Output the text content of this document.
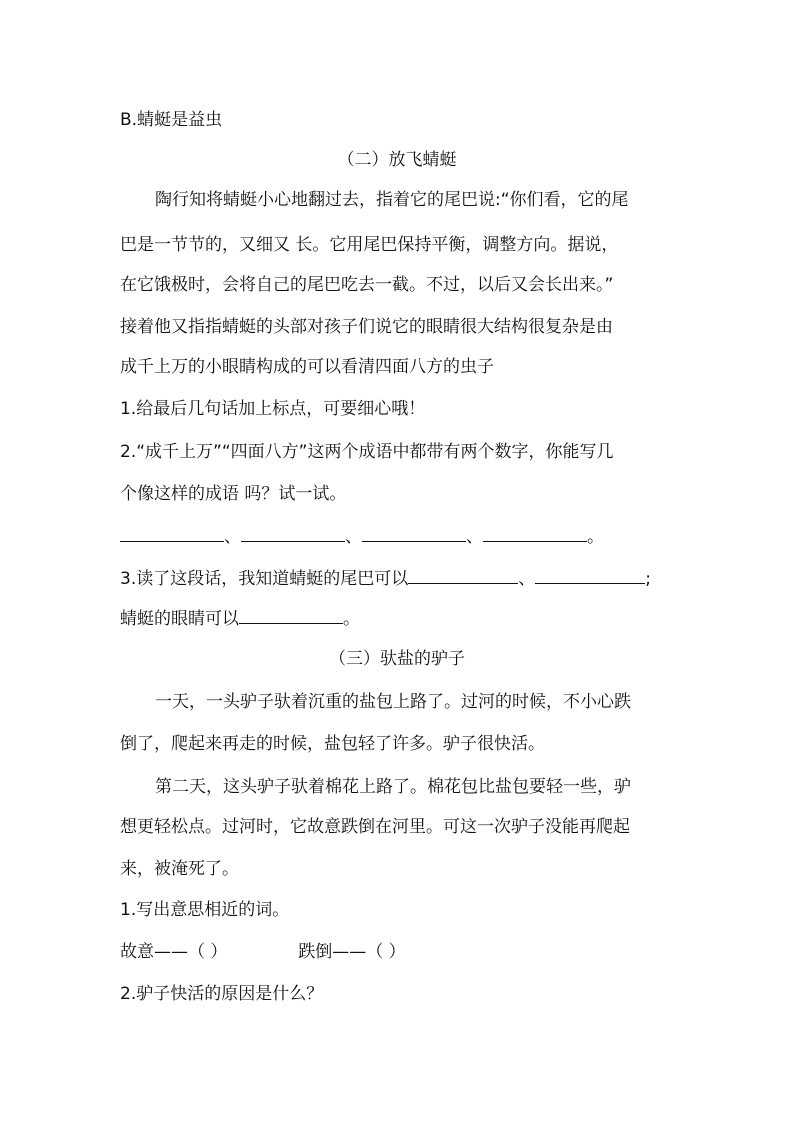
B.蜻蜓是益虫
（二）放飞蜻蜓
陶行知将蜻蜓小心地翻过去，指着它的尾巴说:“你们看，它的尾
巴是一节节的，又细又 长。它用尾巴保持平衡，调整方向。据说，
在它饿极时，会将自己的尾巴吃去一截。不过，以后又会长出来。”
接着他又指指蜻蜓的头部对孩子们说它的眼睛很大结构很复杂是由
成千上万的小眼睛构成的可以看清四面八方的虫子
1.给最后几句话加上标点，可要细心哦！
2.“成千上万”“四面八方”这两个成语中都带有两个数字，你能写几
个像这样的成语 吗？试一试。
、	、	、	。
3.读了这段话，我知道蜻蜓的尾巴可以	、	;
蜻蜓的眼睛可以	。
（三）驮盐的驴子
一天，一头驴子驮着沉重的盐包上路了。过河的时候，不小心跌
倒了，爬起来再走的时候，盐包轻了许多。驴子很快活。
第二天，这头驴子驮着棉花上路了。棉花包比盐包要轻一些，驴
想更轻松点。过河时，它故意跌倒在河里。可这一次驴子没能再爬起
来，被淹死了。
1.写出意思相近的词。
故意——（ ）	跌倒——（ ）
2.驴子快活的原因是什么？
